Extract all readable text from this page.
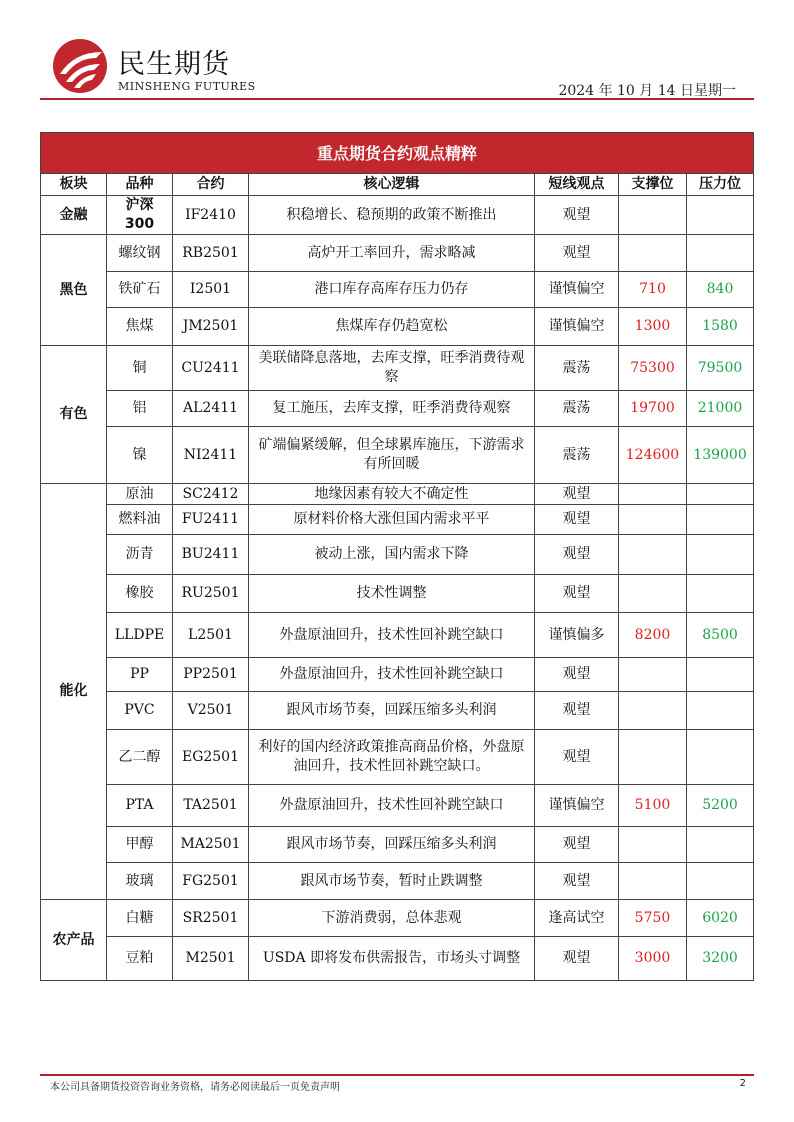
民生期货
MINSHENG FUTURES	2024 年 10 月 14 日星期一
重点期货合约观点精粹						
板块	品种	合约	核心逻辑	短线观点	支撑位	压力位
金融	沪深300	IF2410	积稳增长、稳预期的政策不断推出	观望		
黑色	螺纹钢	RB2501	高炉开工率回升，需求略减	观望		
	铁矿石	I2501	港口库存高库存压力仍存	谨慎偏空	710	840
	焦煤	JM2501	焦煤库存仍趋宽松	谨慎偏空	1300	1580
有色	铜	CU2411	美联储降息落地，去库支撑，旺季消费待观察	震荡	75300	79500
	铝	AL2411	复工施压，去库支撑，旺季消费待观察	震荡	19700	21000
	镍	NI2411	矿端偏紧缓解，但全球累库施压，下游需求有所回暖	震荡	124600	139000
能化	原油	SC2412	地缘因素有较大不确定性	观望		
	燃料油	FU2411	原材料价格大涨但国内需求平平	观望		
	沥青	BU2411	被动上涨，国内需求下降	观望		
	橡胶	RU2501	技术性调整	观望		
	LLDPE	L2501	外盘原油回升，技术性回补跳空缺口	谨慎偏多	8200	8500
	PP	PP2501	外盘原油回升，技术性回补跳空缺口	观望		
	PVC	V2501	跟风市场节奏，回踩压缩多头利润	观望		
	乙二醇	EG2501	利好的国内经济政策推高商品价格，外盘原油回升，技术性回补跳空缺口。	观望		
	PTA	TA2501	外盘原油回升，技术性回补跳空缺口	谨慎偏空	5100	5200
	甲醇	MA2501	跟风市场节奏，回踩压缩多头利润	观望		
	玻璃	FG2501	跟风市场节奏，暂时止跌调整	观望		
农产品	白糖	SR2501	下游消费弱，总体悲观	逢高试空	5750	6020
	豆粕	M2501	USDA 即将发布供需报告，市场头寸调整	观望	3000	3200
本公司具备期货投资咨询业务资格，请务必阅读最后一页免责声明	2
